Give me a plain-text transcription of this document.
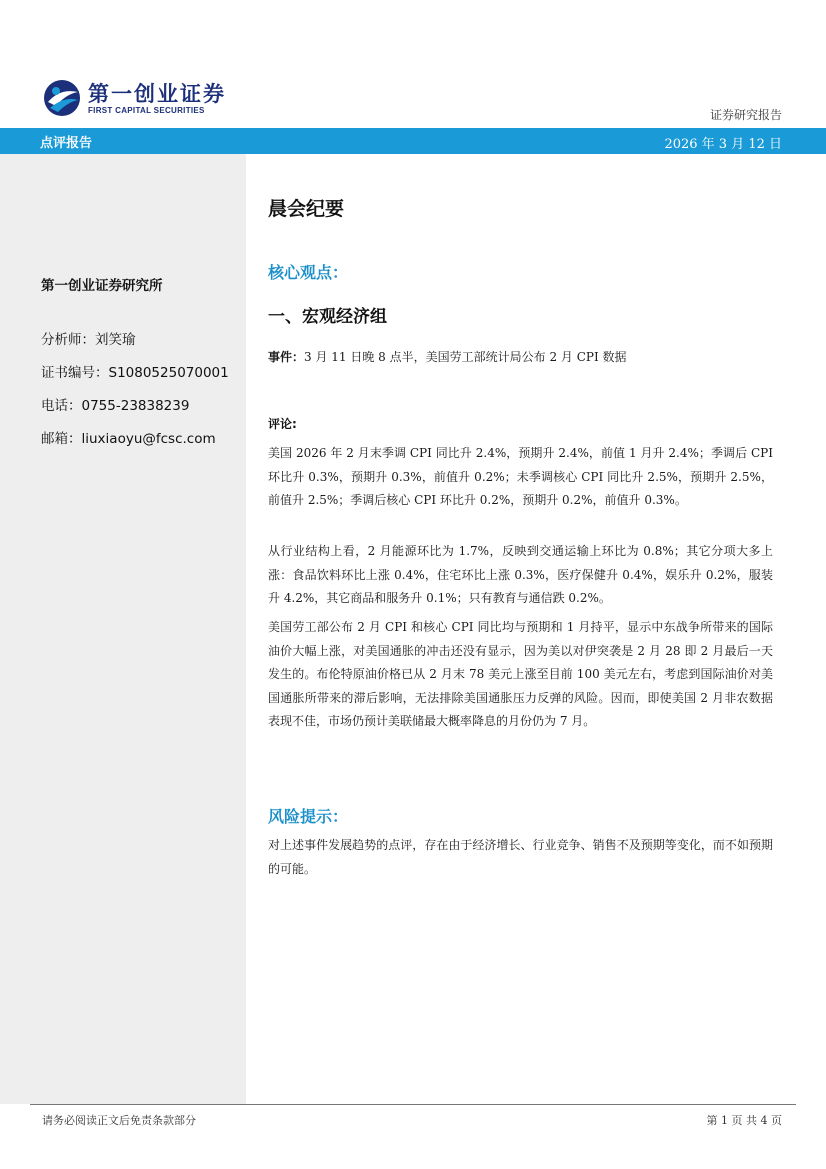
第一创业证券
FIRST CAPITAL SECURITIES	证券研究报告
点评报告	2026 年 3 月 12 日
第一创业证券研究所
分析师：刘笑瑜
证书编号：S1080525070001
电话：0755-23838239
邮箱：liuxiaoyu@fcsc.com
晨会纪要
核心观点：
一、宏观经济组
事件：3 月 11 日晚 8 点半，美国劳工部统计局公布 2 月 CPI 数据
评论:

美国 2026 年 2 月末季调 CPI 同比升 2.4%，预期升 2.4%，前值 1 月升 2.4%；季调后 CPI 环比升 0.3%，预期升 0.3%，前值升 0.2%；未季调核心 CPI 同比升 2.5%，预期升 2.5%，前值升 2.5%；季调后核心 CPI 环比升 0.2%，预期升 0.2%，前值升 0.3%。

从行业结构上看，2 月能源环比为 1.7%，反映到交通运输上环比为 0.8%；其它分项大多上涨：食品饮料环比上涨 0.4%，住宅环比上涨 0.3%，医疗保健升 0.4%，娱乐升 0.2%，服装升 4.2%，其它商品和服务升 0.1%；只有教育与通信跌 0.2%。

美国劳工部公布 2 月 CPI 和核心 CPI 同比均与预期和 1 月持平，显示中东战争所带来的国际油价大幅上涨，对美国通胀的冲击还没有显示，因为美以对伊突袭是 2 月 28 即 2 月最后一天发生的。布伦特原油价格已从 2 月末 78 美元上涨至目前 100 美元左右，考虑到国际油价对美国通胀所带来的滞后影响，无法排除美国通胀压力反弹的风险。因而，即使美国 2 月非农数据表现不佳，市场仍预计美联储最大概率降息的月份仍为 7 月。

风险提示：

对上述事件发展趋势的点评，存在由于经济增长、行业竞争、销售不及预期等变化，而不如预期的可能。

请务必阅读正文后免责条款部分	第 1 页 共 4 页
